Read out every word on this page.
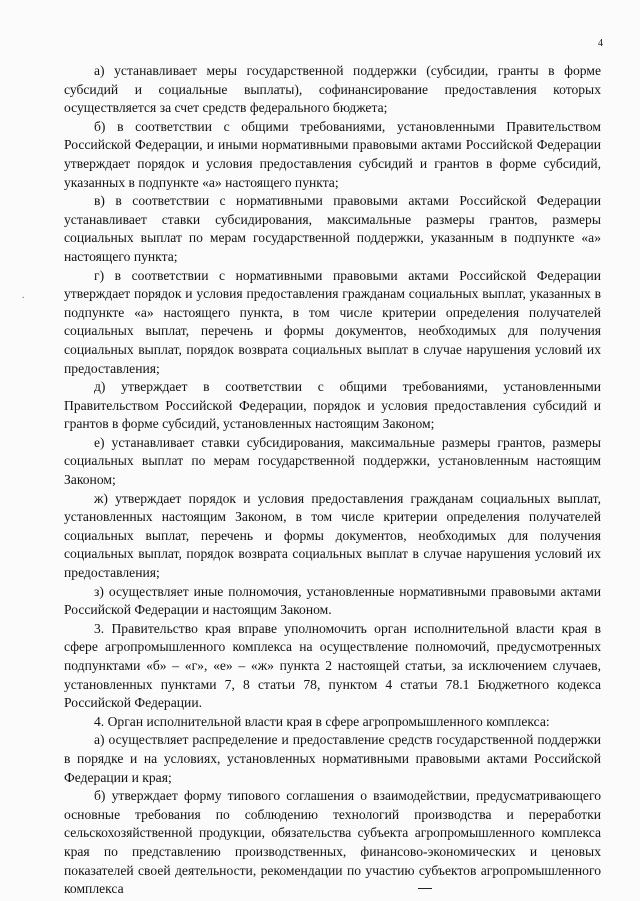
4
.

а) устанавливает меры государственной поддержки (субсидии, гранты в форме субсидий и социальные выплаты), софинансирование предоставления которых осуществляется за счет средств федерального бюджета;

б) в соответствии с общими требованиями, установленными Правительством Российской Федерации, и иными нормативными правовыми актами Российской Федерации утверждает порядок и условия предоставления субсидий и грантов в форме субсидий, указанных в подпункте «а» настоящего пункта;

в) в соответствии с нормативными правовыми актами Российской Федерации устанавливает ставки субсидирования, максимальные размеры грантов, размеры социальных выплат по мерам государственной поддержки, указанным в подпункте «а» настоящего пункта;

г) в соответствии с нормативными правовыми актами Российской Федерации утверждает порядок и условия предоставления гражданам социальных выплат, указанных в подпункте «а» настоящего пункта, в том числе критерии определения получателей социальных выплат, перечень и формы документов, необходимых для получения социальных выплат, порядок возврата социальных выплат в случае нарушения условий их предоставления;

д) утверждает в соответствии с общими требованиями, установленными Правительством Российской Федерации, порядок и условия предоставления субсидий и грантов в форме субсидий, установленных настоящим Законом;

е) устанавливает ставки субсидирования, максимальные размеры грантов, размеры социальных выплат по мерам государственной поддержки, установленным настоящим Законом;

ж) утверждает порядок и условия предоставления гражданам социальных выплат, установленных настоящим Законом, в том числе критерии определения получателей социальных выплат, перечень и формы документов, необходимых для получения социальных выплат, порядок возврата социальных выплат в случае нарушения условий их предоставления;

з) осуществляет иные полномочия, установленные нормативными правовыми актами Российской Федерации и настоящим Законом.

3. Правительство края вправе уполномочить орган исполнительной власти края в сфере агропромышленного комплекса на осуществление полномочий, предусмотренных подпунктами «б» – «г», «е» – «ж» пункта 2 настоящей статьи, за исключением случаев, установленных пунктами 7, 8 статьи 78, пунктом 4 статьи 78.1 Бюджетного кодекса Российской Федерации.

4. Орган исполнительной власти края в сфере агропромышленного комплекса:

а) осуществляет распределение и предоставление средств государственной поддержки в порядке и на условиях, установленных нормативными правовыми актами Российской Федерации и края;

б) утверждает форму типового соглашения о взаимодействии, предусматривающего основные требования по соблюдению технологий производства и переработки сельскохозяйственной продукции, обязательства субъекта агропромышленного комплекса края по представлению производственных, финансово-экономических и ценовых показателей своей деятельности, рекомендации по участию субъектов агропромышленного комплекса
